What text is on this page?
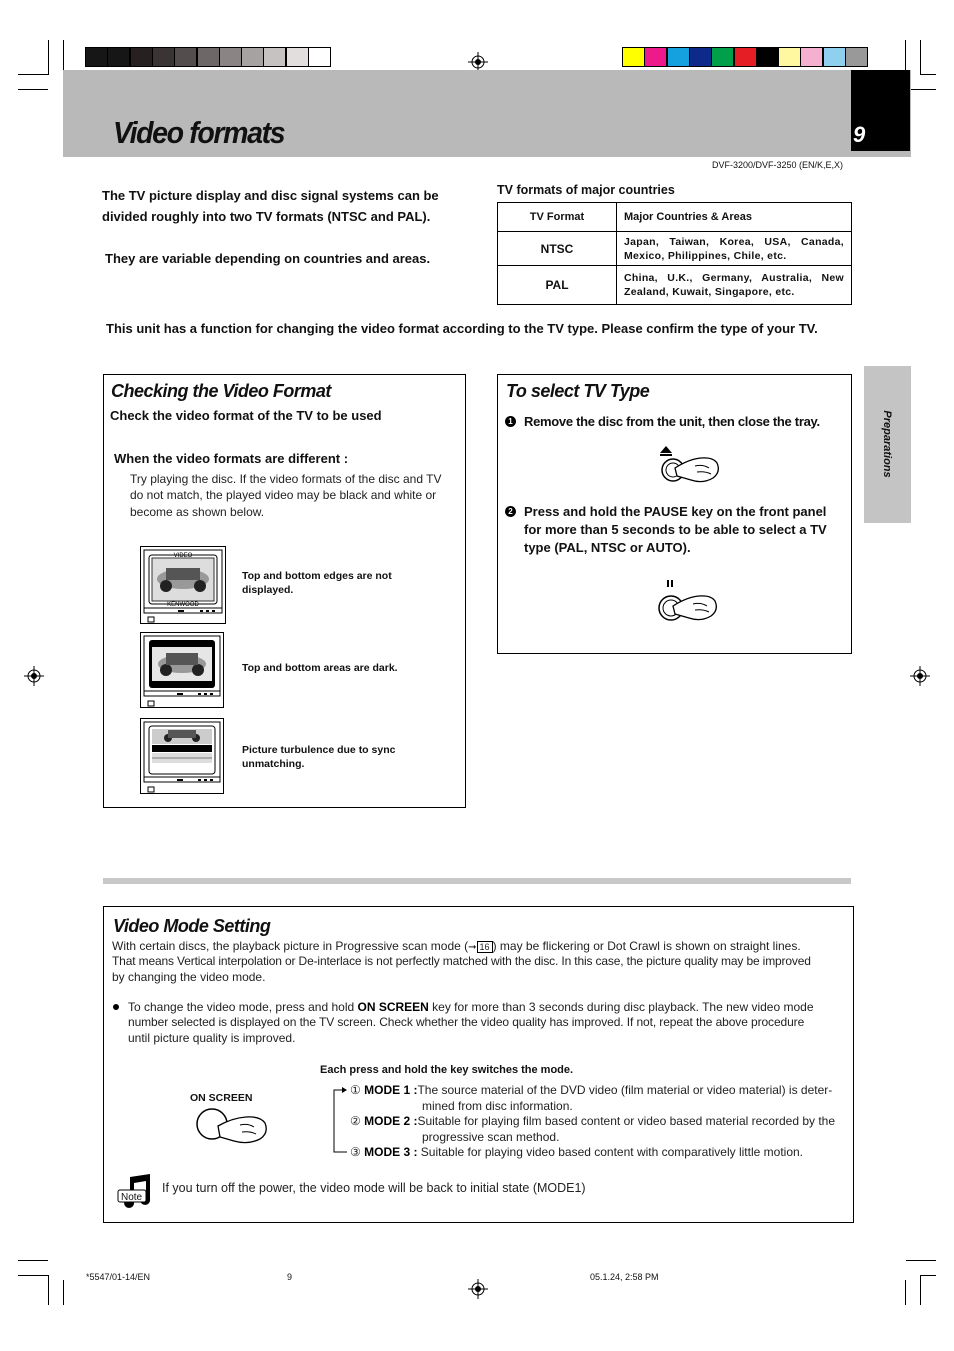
9
Video formats
DVF-3200/DVF-3250 (EN/K,E,X)
The TV picture display and disc signal systems can be
divided roughly into two TV formats (NTSC and PAL).
They are variable depending on countries and areas.
TV formats of major countries
TV Format	Major Countries & Areas
NTSC	Japan, Taiwan, Korea, USA, Canada,
Mexico, Philippines, Chile, etc.

PAL	China, U.K., Germany, Australia, New
Zealand, Kuwait, Singapore, etc.
This unit has a function for changing the video format according to the TV type. Please confirm the type of your TV.
Checking the Video Format
Check the video format of the TV to be used
When the video formats are different :
Try playing the disc. If the video formats of the disc and TV
do not match, the played video may be black and white or
become as shown below.
VIDEO
KENWOOD
Top and bottom edges are not
displayed.
Top and bottom areas are dark.
Picture turbulence due to sync
unmatching.
To select TV Type
1 Remove the disc from the unit, then close the tray.
2 Press and hold the PAUSE key on the front panel
for more than 5 seconds to be able to select a TV
type (PAL, NTSC or AUTO).
Preparations
Video Mode Setting
With certain discs, the playback picture in Progressive scan mode (➞ 16 ) may be flickering or Dot Crawl is shown on straight lines.
That means Vertical interpolation or De-interlace is not perfectly matched with the disc. In this case, the picture quality may be improved
by changing the video mode.
To change the video mode, press and hold ON SCREEN key for more than 3 seconds during disc playback. The new video mode
number selected is displayed on the TV screen. Check whether the video quality has improved. If not, repeat the above procedure
until picture quality is improved.
Each press and hold the key switches the mode.
ON SCREEN
① MODE 1 :The source material of the DVD video (film material or video material) is deter-
mined from disc information.
② MODE 2 :Suitable for playing film based content or video based material recorded by the
progressive scan method.
③ MODE 3 : Suitable for playing video based content with comparatively little motion.
Note
If you turn off the power, the video mode will be back to initial state (MODE1)
*5547/01-14/EN	9	05.1.24, 2:58 PM
